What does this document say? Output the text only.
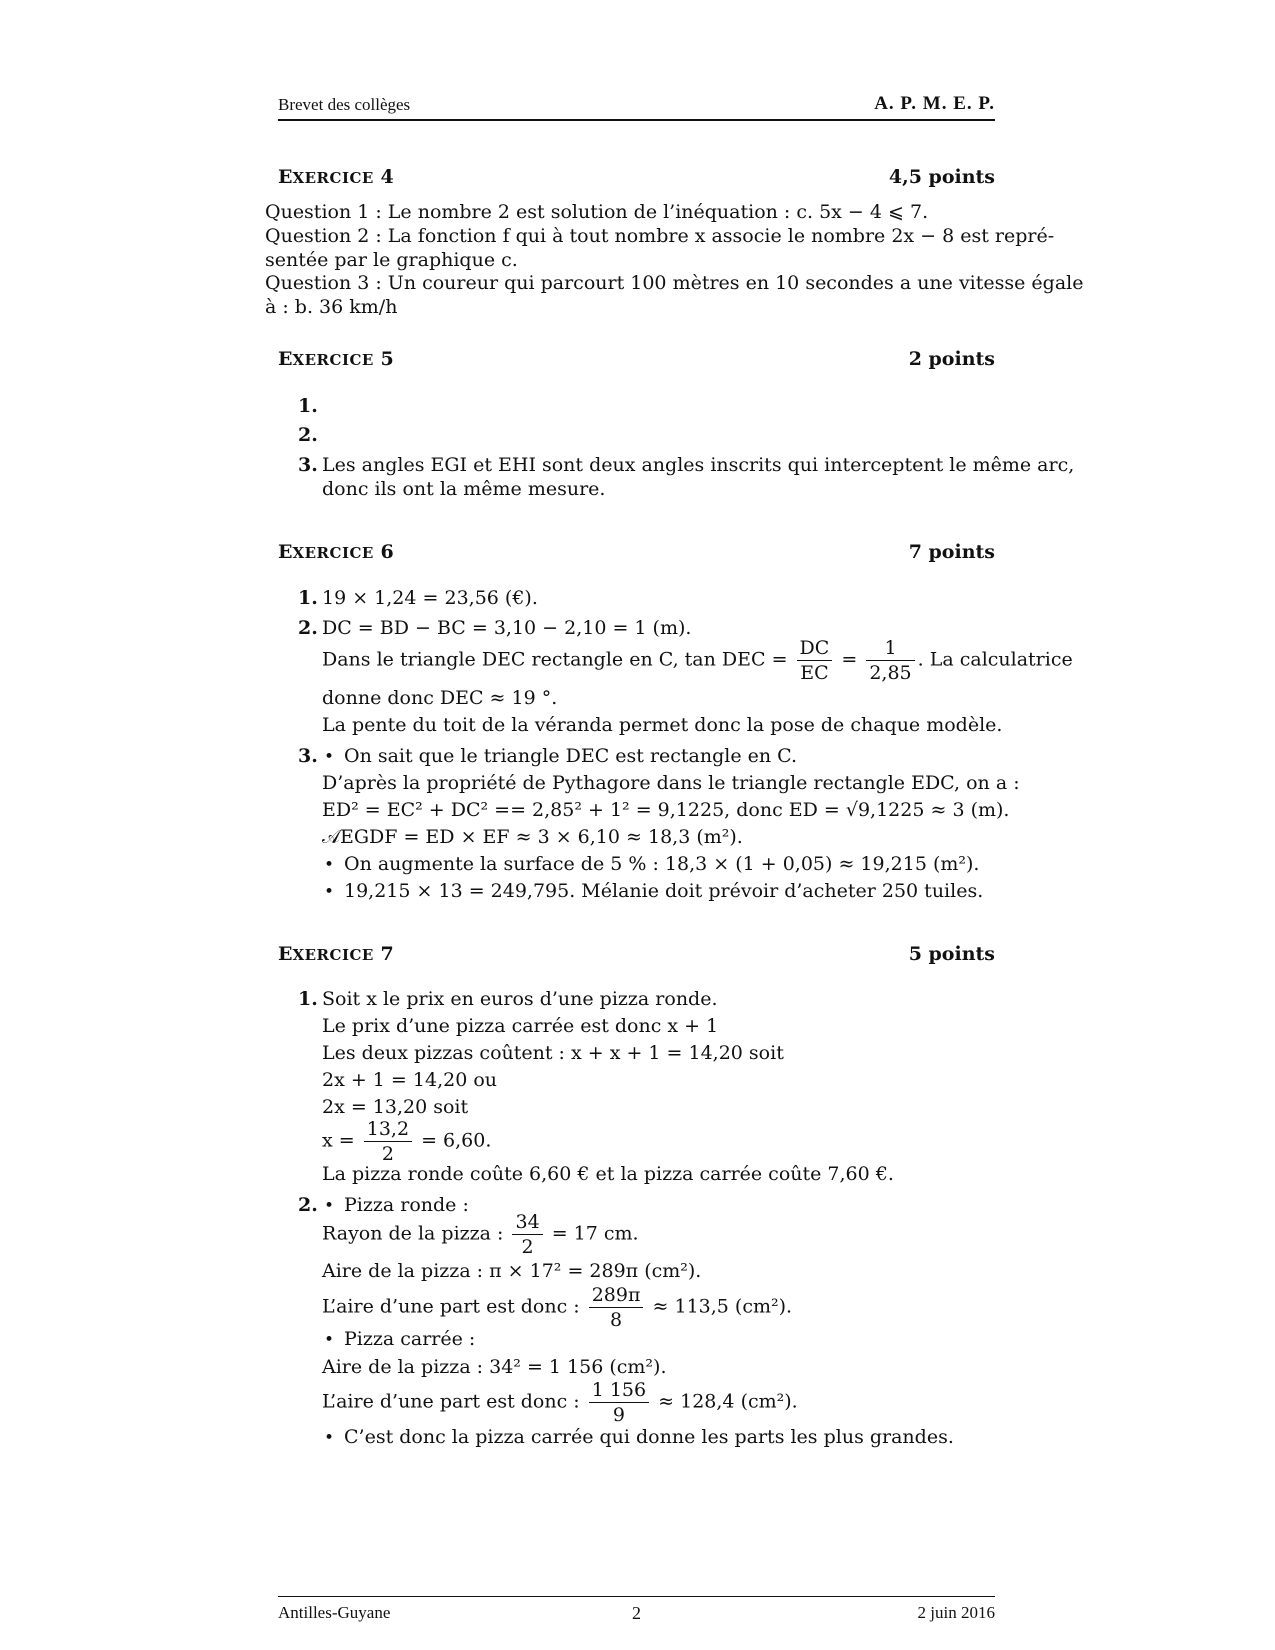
Brevet des collèges	A. P. M. E. P.
EXERCICE 4	4,5 points
Question 1 : Le nombre 2 est solution de l’inéquation : c. 5x − 4 ⩽ 7.
Question 2 : La fonction f qui à tout nombre x associe le nombre 2x − 8 est repré-
sentée par le graphique c.
Question 3 : Un coureur qui parcourt 100 mètres en 10 secondes a une vitesse égale
à : b. 36 km/h
EXERCICE 5	2 points
1.
2.
3. Les angles EGI et EHI sont deux angles inscrits qui interceptent le même arc,
donc ils ont la même mesure.
EXERCICE 6	7 points
1. 19 × 1,24 = 23,56 (€).
2. DC = BD − BC = 3,10 − 2,10 = 1 (m).
Dans le triangle DEC rectangle en C, tan DEC = $\frac{DC}{EC} = \frac{1}{2,85}$ . La calculatrice
donne donc DEC ≈ 19 °.
La pente du toit de la véranda permet donc la pose de chaque modèle.
3. • On sait que le triangle DEC est rectangle en C.
D’après la propriété de Pythagore dans le triangle rectangle EDC, on a :
ED² = EC² + DC² == 2,85² + 1² = 9,1225, donc ED = √9,1225 ≈ 3 (m).
𝒜EGDF = ED × EF ≈ 3 × 6,10 ≈ 18,3 (m²).
• On augmente la surface de 5 % : 18,3 × (1 + 0,05) ≈ 19,215 (m²).
• 19,215 × 13 = 249,795. Mélanie doit prévoir d’acheter 250 tuiles.
EXERCICE 7	5 points
1. Soit x le prix en euros d’une pizza ronde.
Le prix d’une pizza carrée est donc x + 1
Les deux pizzas coûtent : x + x + 1 = 14,20 soit
2x + 1 = 14,20 ou
2x = 13,20 soit
$x = \frac{13,2}{2} = 6,60$.
La pizza ronde coûte 6,60 € et la pizza carrée coûte 7,60 €.
2. • Pizza ronde :
Rayon de la pizza : $\frac{34}{2} = 17$ cm.
Aire de la pizza : π × 17² = 289π (cm²).
L’aire d’une part est donc : $\frac{289\pi}{8} \approx 113,5$ (cm²).
• Pizza carrée :
Aire de la pizza : 34² = 1 156 (cm²).
L’aire d’une part est donc : $\frac{1 156}{9} \approx 128,4$ (cm²).
• C’est donc la pizza carrée qui donne les parts les plus grandes.
Antilles-Guyane	2	2 juin 2016
